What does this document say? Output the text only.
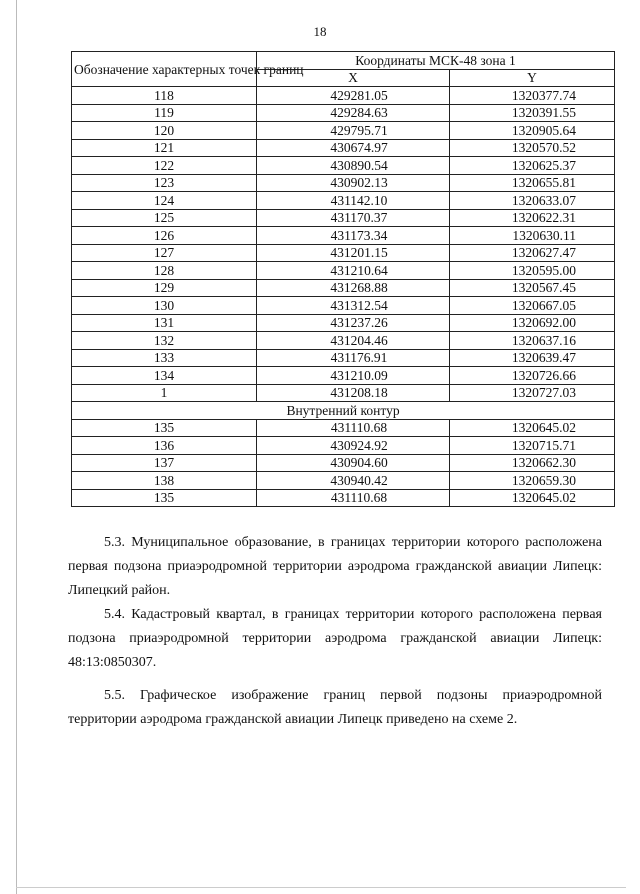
18
Обозначение характерных точек границ	Координаты МСК-48 зона 1	
	X	Y
118	429281.05	1320377.74
119	429284.63	1320391.55
120	429795.71	1320905.64
121	430674.97	1320570.52
122	430890.54	1320625.37
123	430902.13	1320655.81
124	431142.10	1320633.07
125	431170.37	1320622.31
126	431173.34	1320630.11
127	431201.15	1320627.47
128	431210.64	1320595.00
129	431268.88	1320567.45
130	431312.54	1320667.05
131	431237.26	1320692.00
132	431204.46	1320637.16
133	431176.91	1320639.47
134	431210.09	1320726.66
1	431208.18	1320727.03
Внутренний контур		
135	431110.68	1320645.02
136	430924.92	1320715.71
137	430904.60	1320662.30
138	430940.42	1320659.30
135	431110.68	1320645.02

5.3. Муниципальное образование, в границах территории которого расположена первая подзона приаэродромной территории аэродрома гражданской авиации Липецк: Липецкий район.

5.4. Кадастровый квартал, в границах территории которого расположена первая подзона приаэродромной территории аэродрома гражданской авиации Липецк: 48:13:0850307.

5.5. Графическое изображение границ первой подзоны приаэродромной территории аэродрома гражданской авиации Липецк приведено на схеме 2.
